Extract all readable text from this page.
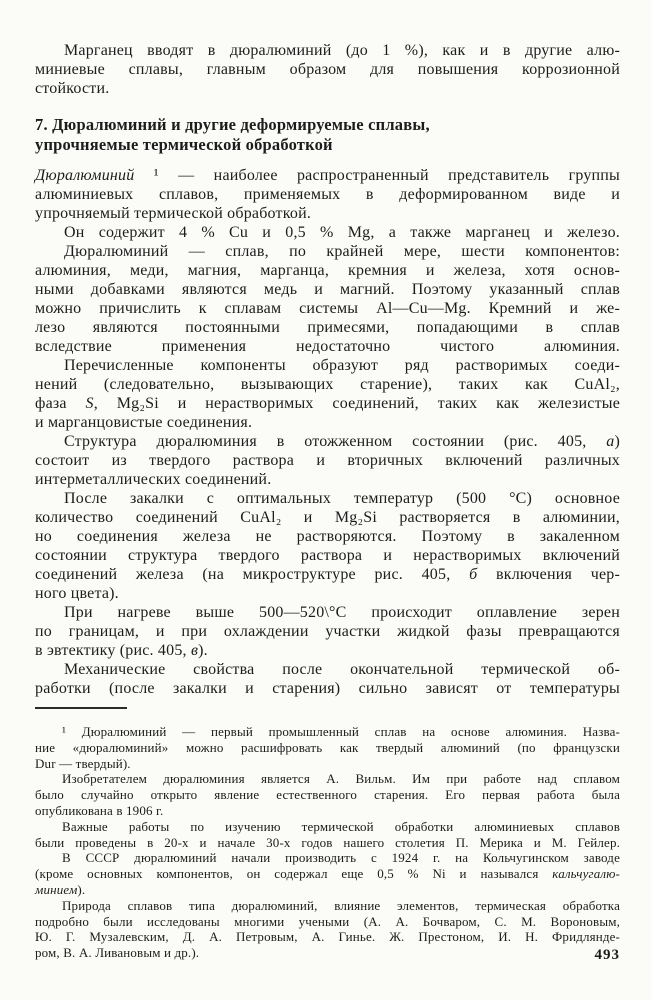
Марганец вводят в дюралюминий (до 1 %), как и в другие алю-
миниевые сплавы, главным образом для повышения коррозионной
стойкости.
7. Дюралюминий и другие деформируемые сплавы,
упрочняемые термической обработкой
Дюралюминий ¹ — наиболее распространенный представитель группы
алюминиевых сплавов, применяемых в деформированном виде и
упрочняемый термической обработкой.
Он содержит 4 % Cu и 0,5 % Mg, а также марганец и железо.
Дюралюминий — сплав, по крайней мере, шести компонентов:
алюминия, меди, магния, марганца, кремния и железа, хотя основ-
ными добавками являются медь и магний. Поэтому указанный сплав
можно причислить к сплавам системы Al—Cu—Mg. Кремний и же-
лезо являются постоянными примесями, попадающими в сплав
вследствие применения недостаточно чистого алюминия.
Перечисленные компоненты образуют ряд растворимых соеди-
нений (следовательно, вызывающих старение), таких как CuAl₂,
фаза S, Mg₂Si и нерастворимых соединений, таких как железистые
и марганцовистые соединения.
Структура дюралюминия в отожженном состоянии (рис. 405, а)
состоит из твердого раствора и вторичных включений различных
интерметаллических соединений.
После закалки с оптимальных температур (500 °С) основное
количество соединений CuAl₂ и Mg₂Si растворяется в алюминии,
но соединения железа не растворяются. Поэтому в закаленном
состоянии структура твердого раствора и нерастворимых включений
соединений железа (на микроструктуре рис. 405, б включения чер-
ного цвета).
При нагреве выше 500—520\°С происходит оплавление зерен
по границам, и при охлаждении участки жидкой фазы превращаются
в эвтектику (рис. 405, в).
Механические свойства после окончательной термической об-
работки (после закалки и старения) сильно зависят от температуры
¹ Дюралюминий — первый промышленный сплав на основе алюминия. Назва-
ние «дюралюминий» можно расшифровать как твердый алюминий (по французски
Dur — твердый).
Изобретателем дюралюминия является А. Вильм. Им при работе над сплавом
было случайно открыто явление естественного старения. Его первая работа была
опубликована в 1906 г.
Важные работы по изучению термической обработки алюминиевых сплавов
были проведены в 20-х и начале 30-х годов нашего столетия П. Мерика и М. Гейлер.
В СССР дюралюминий начали производить с 1924 г. на Кольчугинском заводе
(кроме основных компонентов, он содержал еще 0,5 % Ni и назывался кальчугалю-
минием).
Природа сплавов типа дюралюминий, влияние элементов, термическая обработка
подробно были исследованы многими учеными (А. А. Бочваром, С. М. Вороновым,
Ю. Г. Музалевским, Д. А. Петровым, А. Гинье. Ж. Престоном, И. Н. Фридлянде-
ром, В. А. Ливановым и др.).	493
